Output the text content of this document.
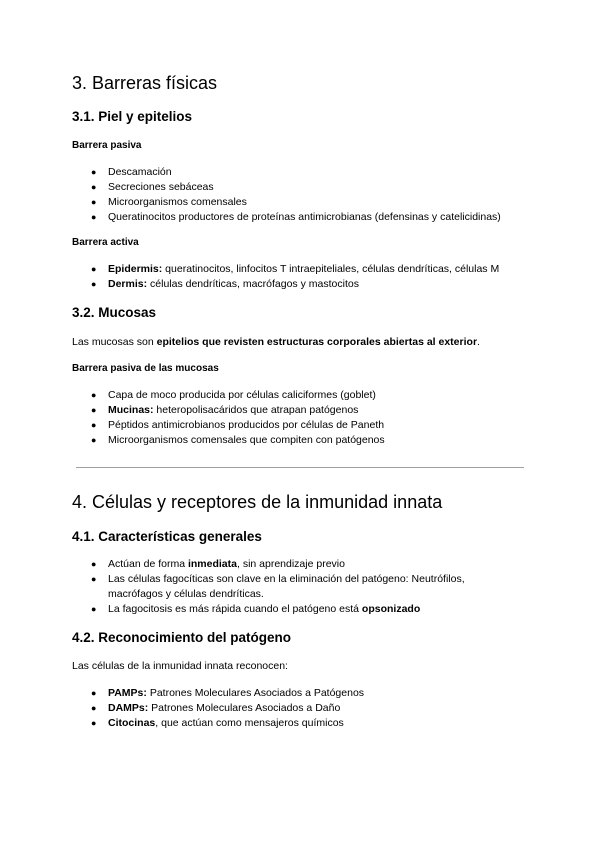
3. Barreras físicas
3.1. Piel y epitelios
Barrera pasiva
● Descamación
● Secreciones sebáceas
● Microorganismos comensales
● Queratinocitos productores de proteínas antimicrobianas (defensinas y catelicidinas)
Barrera activa
● Epidermis: queratinocitos, linfocitos T intraepiteliales, células dendríticas, células M
● Dermis: células dendríticas, macrófagos y mastocitos
3.2. Mucosas

Las mucosas son epitelios que revisten estructuras corporales abiertas al exterior.

Barrera pasiva de las mucosas
● Capa de moco producida por células caliciformes (goblet)
● Mucinas: heteropolisacáridos que atrapan patógenos
● Péptidos antimicrobianos producidos por células de Paneth
● Microorganismos comensales que compiten con patógenos
4. Células y receptores de la inmunidad innata
4.1. Características generales
● Actúan de forma inmediata, sin aprendizaje previo
● Las células fagocíticas son clave en la eliminación del patógeno: Neutrófilos,
macrófagos y células dendríticas.
● La fagocitosis es más rápida cuando el patógeno está opsonizado
4.2. Reconocimiento del patógeno

Las células de la inmunidad innata reconocen:

● PAMPs: Patrones Moleculares Asociados a Patógenos
● DAMPs: Patrones Moleculares Asociados a Daño
● Citocinas, que actúan como mensajeros químicos
